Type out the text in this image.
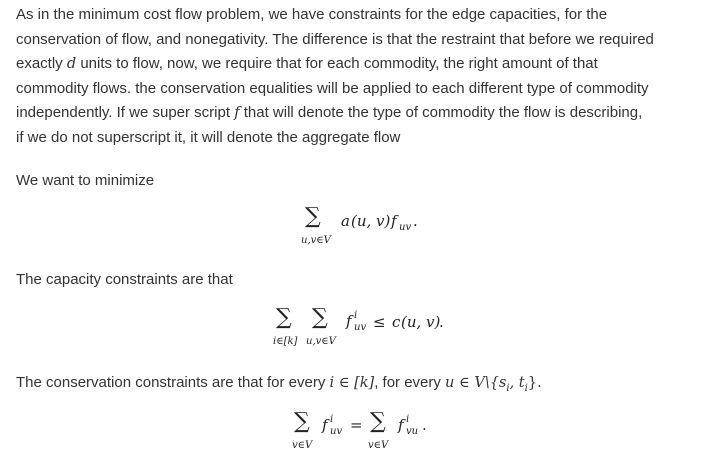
As in the minimum cost flow problem, we have constraints for the edge capacities, for the
conservation of flow, and nonegativity. The difference is that the restraint that before we required
exactly d units to flow, now, we require that for each commodity, the right amount of that
commodity flows. the conservation equalities will be applied to each different type of commodity
independently. If we super script f that will denote the type of commodity the flow is describing,
if we do not superscript it, it will denote the aggregate flow

We want to minimize

∑
u,v∈V
a (u, v) f uv .

The capacity constraints are that

∑
i∈[k]
∑
u,v∈V
f i
uv ≤ c (u, v)
.

The conservation constraints are that for every i ∈ [k], for every u ∈ $V\backslash\{s_i$, $t_i$}.

∑
v∈V
f i
uv = ∑
v∈V
f i
vu .
